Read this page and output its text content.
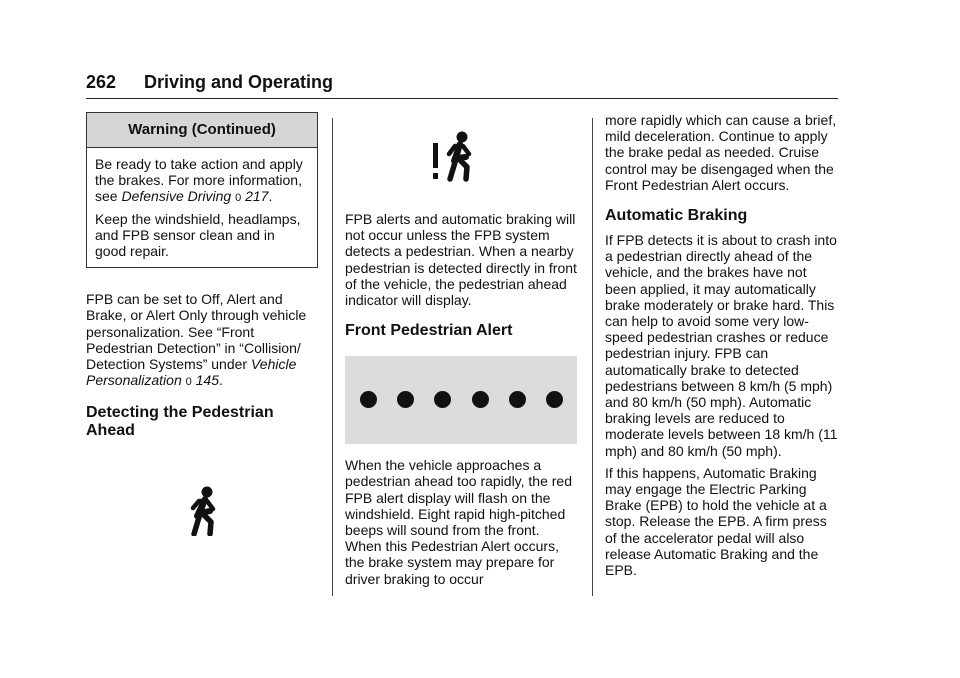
262 Driving and Operating
Warning (Continued)

Be ready to take action and apply the brakes. For more information, see Defensive Driving 0 217.

Keep the windshield, headlamps, and FPB sensor clean and in good repair.

FPB can be set to Off, Alert and Brake, or Alert Only through vehicle personalization. See “Front Pedestrian Detection” in “Collision/ Detection Systems” under Vehicle Personalization 0 145.

Detecting the Pedestrian Ahead

FPB alerts and automatic braking will not occur unless the FPB system detects a pedestrian. When a nearby pedestrian is detected directly in front of the vehicle, the pedestrian ahead indicator will display.

Front Pedestrian Alert

When the vehicle approaches a pedestrian ahead too rapidly, the red FPB alert display will flash on the windshield. Eight rapid high-pitched beeps will sound from the front. When this Pedestrian Alert occurs, the brake system may prepare for driver braking to occur

more rapidly which can cause a brief, mild deceleration. Continue to apply the brake pedal as needed. Cruise control may be disengaged when the Front Pedestrian Alert occurs.

Automatic Braking

If FPB detects it is about to crash into a pedestrian directly ahead of the vehicle, and the brakes have not been applied, it may automatically brake moderately or brake hard. This can help to avoid some very low-speed pedestrian crashes or reduce pedestrian injury. FPB can automatically brake to detected pedestrians between 8 km/h (5 mph) and 80 km/h (50 mph). Automatic braking levels are reduced to moderate levels between 18 km/h (11 mph) and 80 km/h (50 mph).

If this happens, Automatic Braking may engage the Electric Parking Brake (EPB) to hold the vehicle at a stop. Release the EPB. A firm press of the accelerator pedal will also release Automatic Braking and the EPB.
